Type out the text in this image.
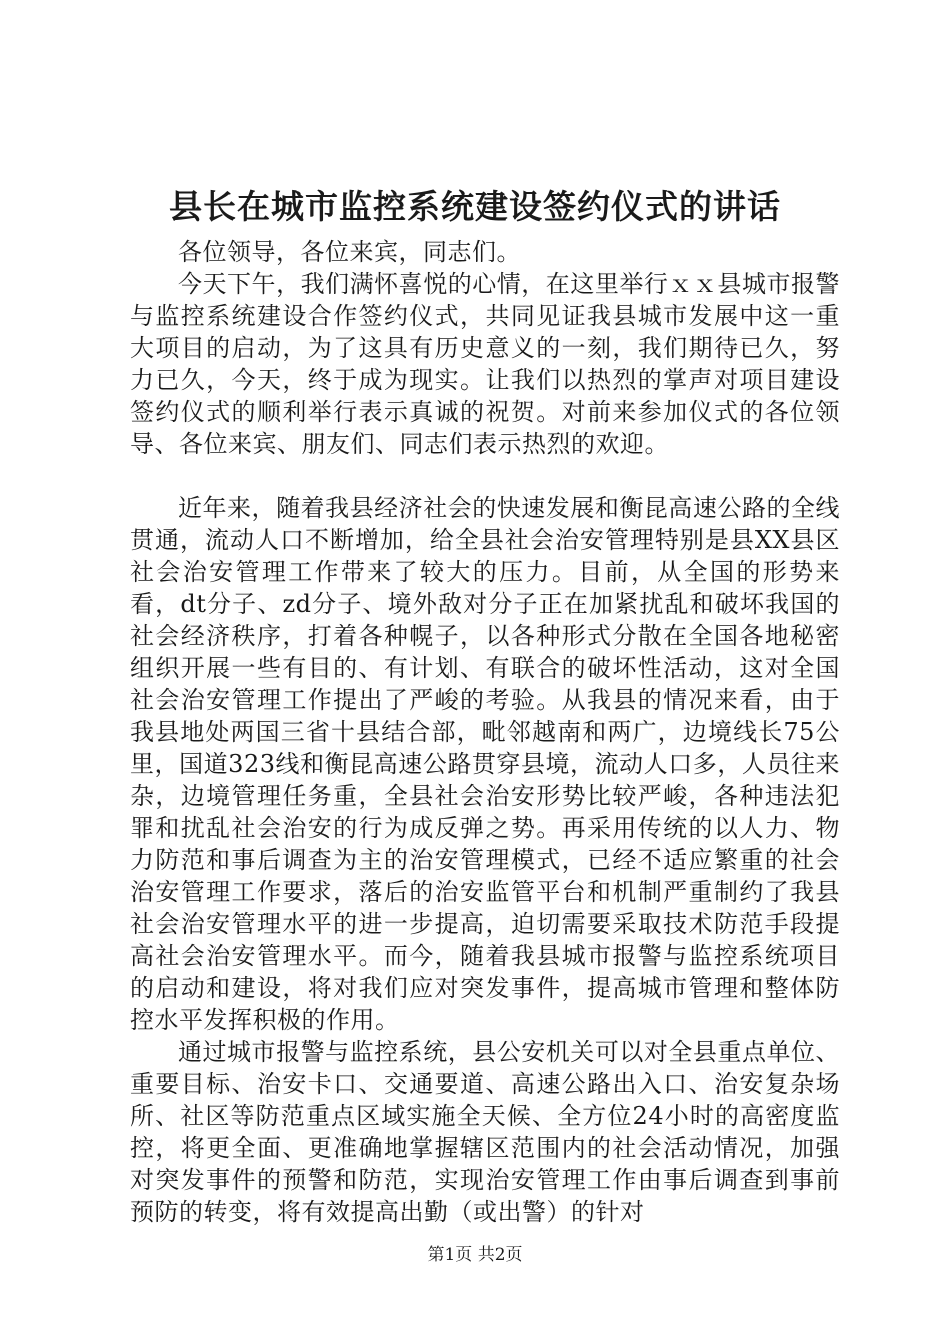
县长在城市监控系统建设签约仪式的讲话

各位领导，各位来宾，同志们。

今天下午，我们满怀喜悦的心情，在这里举行ｘｘ县城市报警与监控系统建设合作签约仪式，共同见证我县城市发展中这一重大项目的启动，为了这具有历史意义的一刻，我们期待已久，努力已久，今天，终于成为现实。让我们以热烈的掌声对项目建设签约仪式的顺利举行表示真诚的祝贺。对前来参加仪式的各位领导、各位来宾、朋友们、同志们表示热烈的欢迎。

近年来，随着我县经济社会的快速发展和衡昆高速公路的全线贯通，流动人口不断增加，给全县社会治安管理特别是县XX县区社会治安管理工作带来了较大的压力。目前，从全国的形势来看，dt分子、zd分子、境外敌对分子正在加紧扰乱和破坏我国的社会经济秩序，打着各种幌子，以各种形式分散在全国各地秘密组织开展一些有目的、有计划、有联合的破坏性活动，这对全国社会治安管理工作提出了严峻的考验。从我县的情况来看，由于我县地处两国三省十县结合部，毗邻越南和两广，边境线长75公里，国道323线和衡昆高速公路贯穿县境，流动人口多，人员往来杂，边境管理任务重，全县社会治安形势比较严峻，各种违法犯罪和扰乱社会治安的行为成反弹之势。再采用传统的以人力、物力防范和事后调查为主的治安管理模式，已经不适应繁重的社会治安管理工作要求，落后的治安监管平台和机制严重制约了我县社会治安管理水平的进一步提高，迫切需要采取技术防范手段提高社会治安管理水平。而今，随着我县城市报警与监控系统项目的启动和建设，将对我们应对突发事件，提高城市管理和整体防控水平发挥积极的作用。

通过城市报警与监控系统，县公安机关可以对全县重点单位、重要目标、治安卡口、交通要道、高速公路出入口、治安复杂场所、社区等防范重点区域实施全天候、全方位24小时的高密度监控，将更全面、更准确地掌握辖区范围内的社会活动情况，加强对突发事件的预警和防范，实现治安管理工作由事后调查到事前预防的转变，将有效提高出勤（或出警）的针对

第1页 共2页
